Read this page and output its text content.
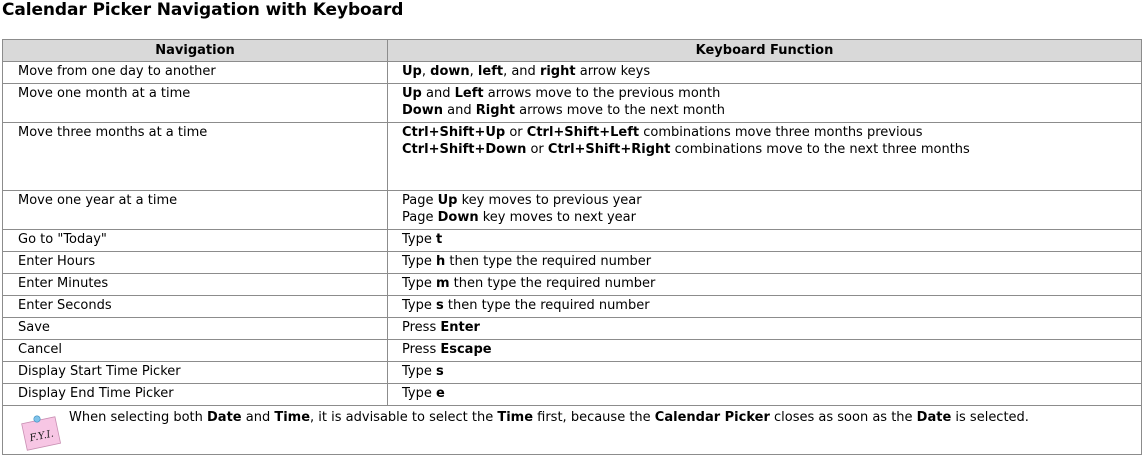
Calendar Picker Navigation with Keyboard
Navigation	Keyboard Function

Move from one day to another	Up, down, left, and right arrow keys

Move one month at a time	Up and Left arrows move to the previous month
Down and Right arrows move to the next month

Move three months at a time	Ctrl+Shift+Up or Ctrl+Shift+Left combinations move three months previous
Ctrl+Shift+Down or Ctrl+Shift+Right combinations move to the next three months

Move one year at a time	Page Up key moves to previous year
Page Down key moves to next year

Go to "Today"	Type t

Enter Hours	Type h then type the required number

Enter Minutes	Type m then type the required number

Enter Seconds	Type s then type the required number

Save	Press Enter

Cancel	Press Escape

Display Start Time Picker	Type s

Display End Time Picker	Type e

F.Y.I.
When selecting both Date and Time, it is advisable to select the Time first, because the Calendar Picker closes as soon as the Date is selected.	
